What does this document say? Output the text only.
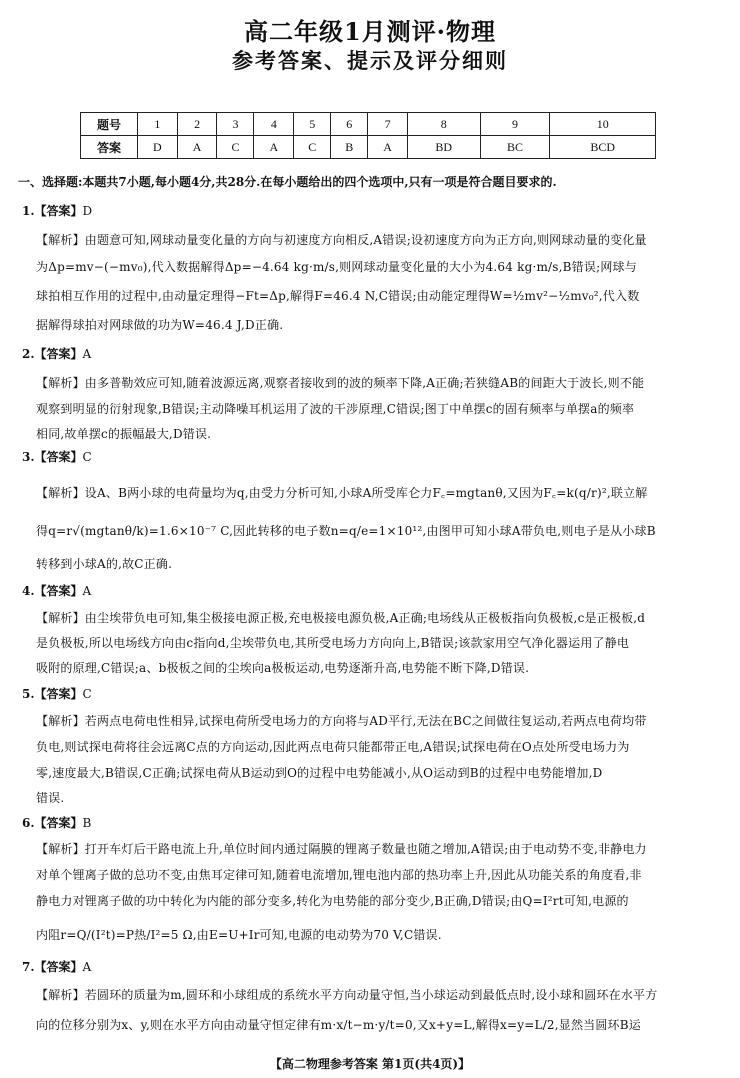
高二年级1月测评·物理
参考答案、提示及评分细则
题号	1	2	3	4	5	6	7	8	9	10
答案	D	A	C	A	C	B	A	BD	BC	BCD
一、选择题:本题共7小题,每小题4分,共28分.在每小题给出的四个选项中,只有一项是符合题目要求的.
1.【答案】D
【解析】由题意可知,网球动量变化量的方向与初速度方向相反,A错误;设初速度方向为正方向,则网球动量的变化量
为Δp=mv−(−mv₀),代入数据解得Δp=−4.64 kg·m/s,则网球动量变化量的大小为4.64 kg·m/s,B错误;网球与
球拍相互作用的过程中,由动量定理得−Ft=Δp,解得F=46.4 N,C错误;由动能定理得W=½mv²−½mv₀²,代入数
据解得球拍对网球做的功为W=46.4 J,D正确.
2.【答案】A
【解析】由多普勒效应可知,随着波源远离,观察者接收到的波的频率下降,A正确;若狭缝AB的间距大于波长,则不能
观察到明显的衍射现象,B错误;主动降噪耳机运用了波的干涉原理,C错误;图丁中单摆c的固有频率与单摆a的频率
相同,故单摆c的振幅最大,D错误.
3.【答案】C
【解析】设A、B两小球的电荷量均为q,由受力分析可知,小球A所受库仑力F꜀=mgtanθ,又因为F꜀=k(q/r)²,联立解
得q=r√(mgtanθ/k)=1.6×10⁻⁷ C,因此转移的电子数n=q/e=1×10¹²,由图甲可知小球A带负电,则电子是从小球B
转移到小球A的,故C正确.
4.【答案】A
【解析】由尘埃带负电可知,集尘极接电源正极,充电极接电源负极,A正确;电场线从正极板指向负极板,c是正极板,d
是负极板,所以电场线方向由c指向d,尘埃带负电,其所受电场力方向向上,B错误;该款家用空气净化器运用了静电
吸附的原理,C错误;a、b极板之间的尘埃向a极板运动,电势逐渐升高,电势能不断下降,D错误.
5.【答案】C
【解析】若两点电荷电性相异,试探电荷所受电场力的方向将与AD平行,无法在BC之间做往复运动,若两点电荷均带
负电,则试探电荷将往会远离C点的方向运动,因此两点电荷只能都带正电,A错误;试探电荷在O点处所受电场力为
零,速度最大,B错误,C正确;试探电荷从B运动到O的过程中电势能减小,从O运动到B的过程中电势能增加,D
错误.
6.【答案】B
【解析】打开车灯后干路电流上升,单位时间内通过隔膜的锂离子数量也随之增加,A错误;由于电动势不变,非静电力
对单个锂离子做的总功不变,由焦耳定律可知,随着电流增加,锂电池内部的热功率上升,因此从功能关系的角度看,非
静电力对锂离子做的功中转化为内能的部分变多,转化为电势能的部分变少,B正确,D错误;由Q=I²rt可知,电源的
内阻r=Q/(I²t)=P热/I²=5 Ω,由E=U+Ir可知,电源的电动势为70 V,C错误.
7.【答案】A
【解析】若圆环的质量为m,圆环和小球组成的系统水平方向动量守恒,当小球运动到最低点时,设小球和圆环在水平方
向的位移分别为x、y,则在水平方向由动量守恒定律有m·x/t−m·y/t=0,又x+y=L,解得x=y=L/2,显然当圆环B运
【高二物理参考答案 第1页(共4页)】
